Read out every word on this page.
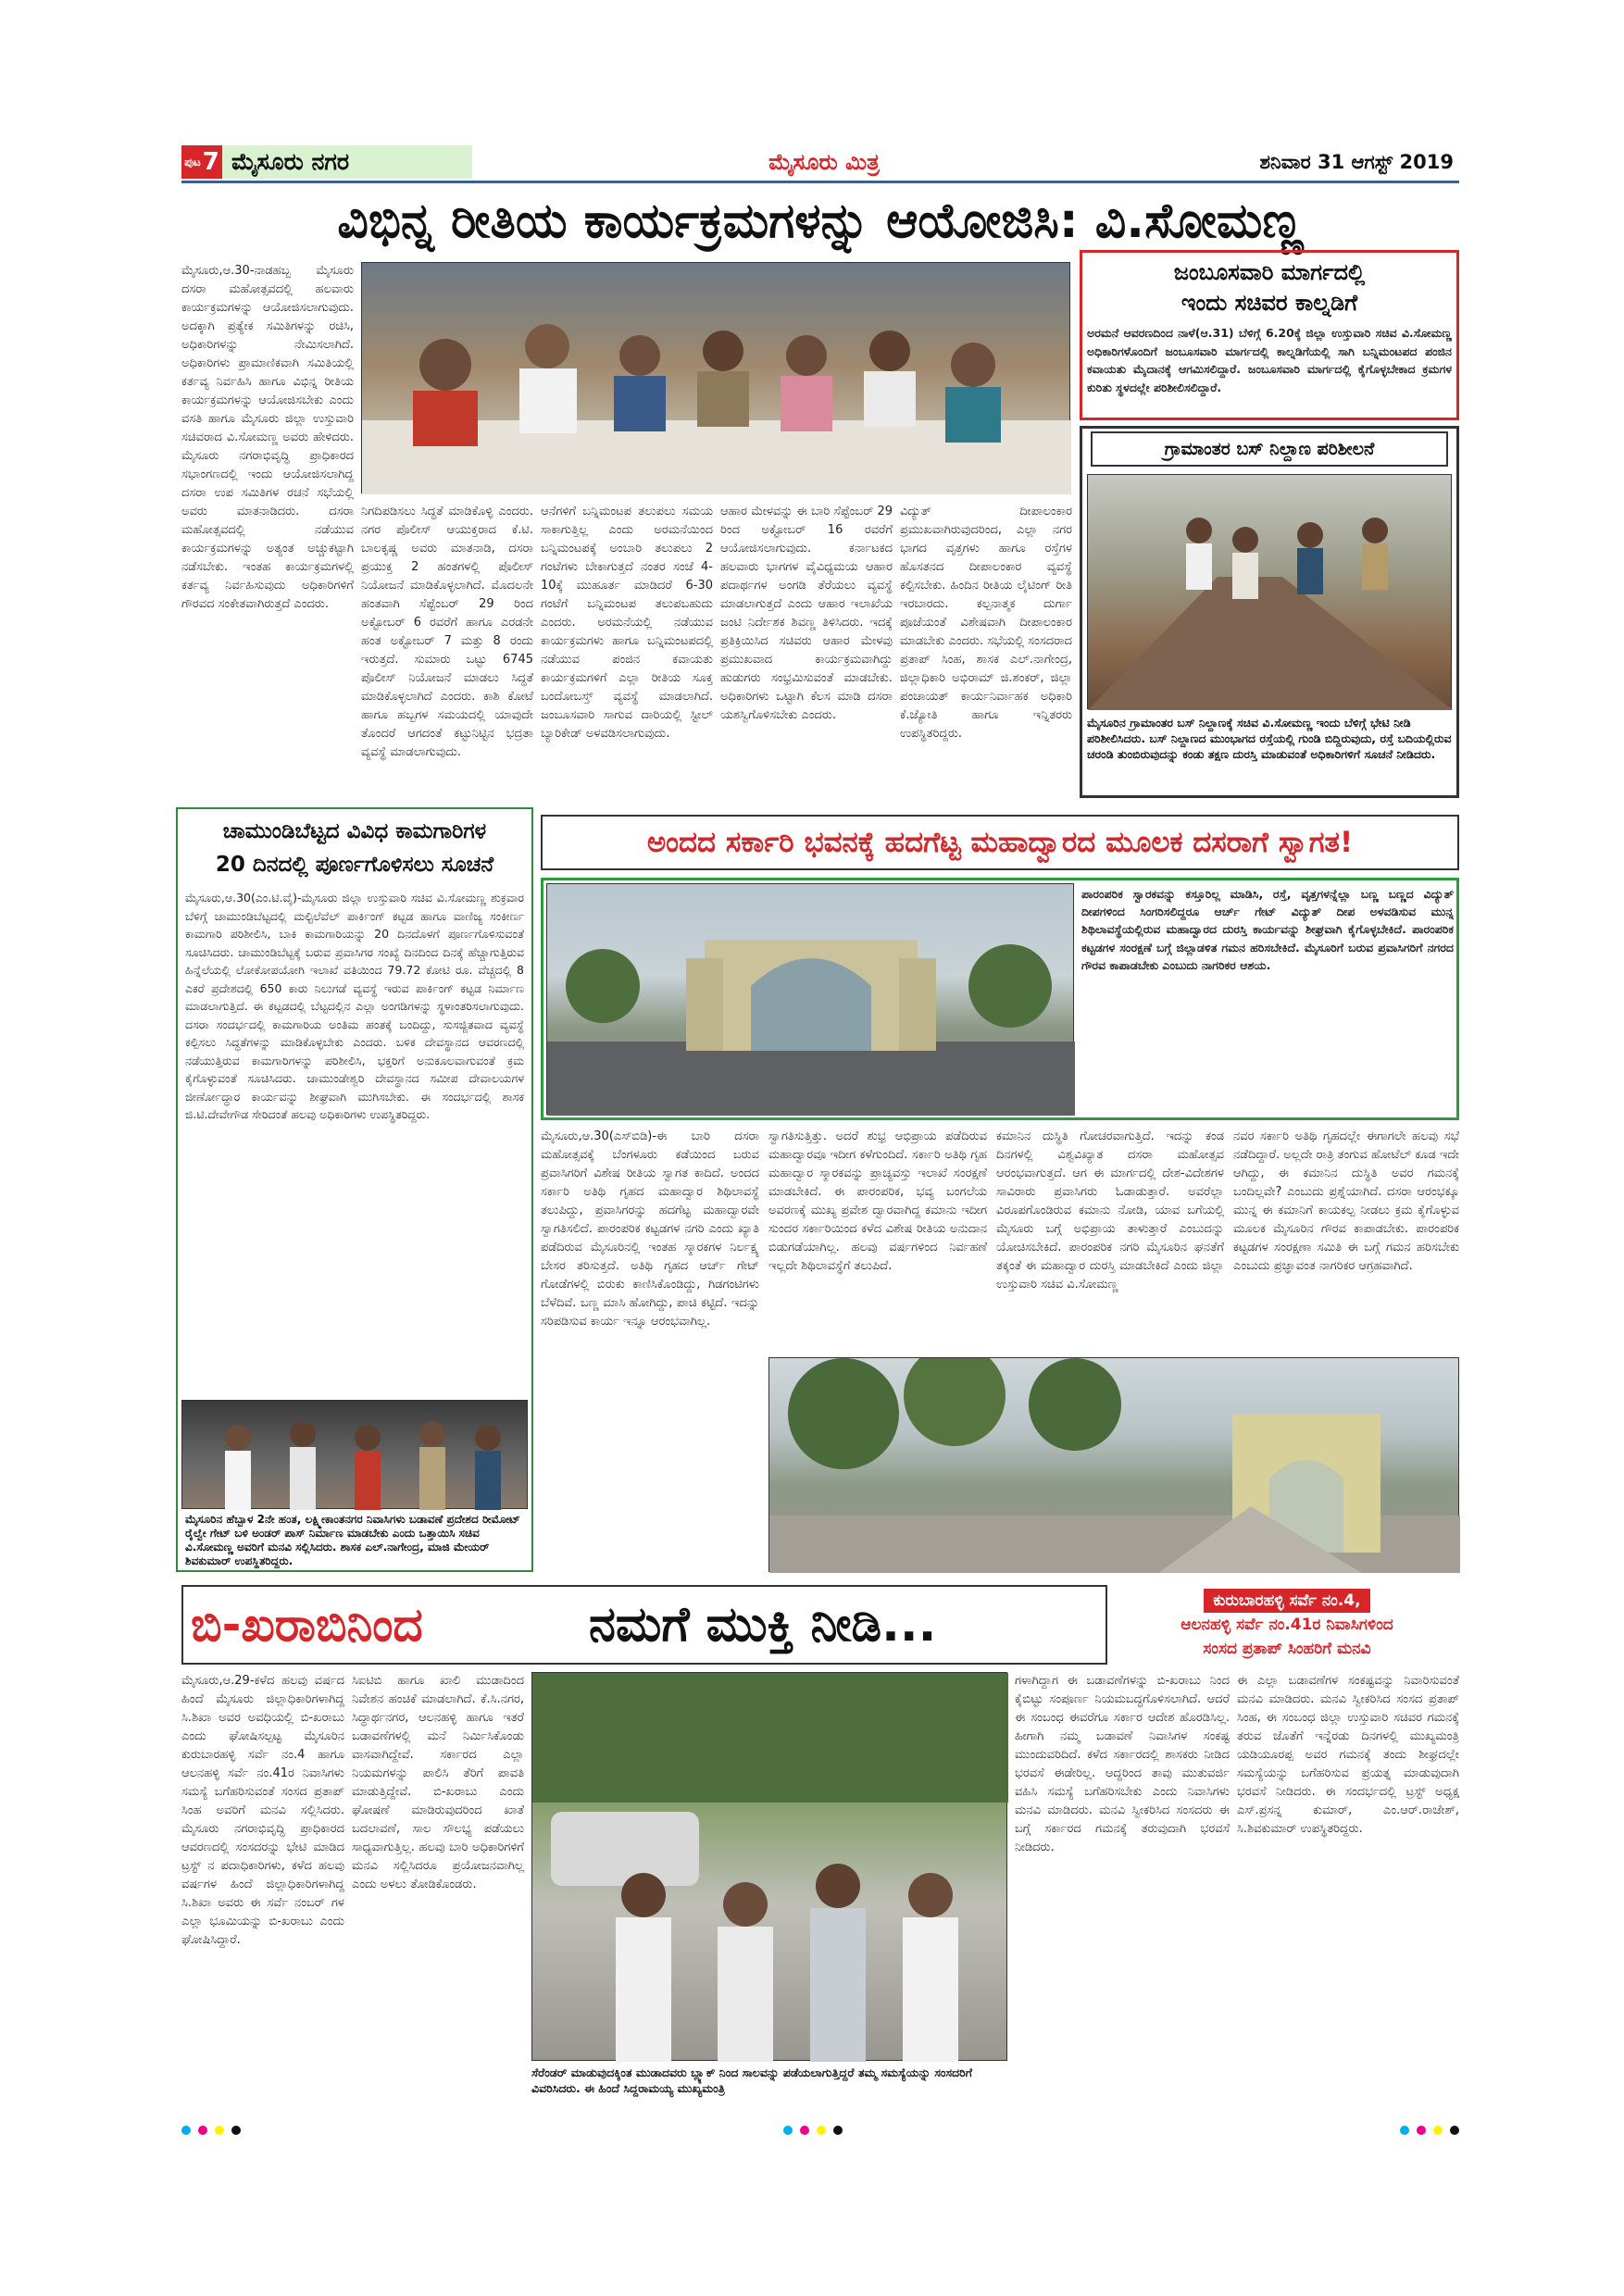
ಪುಟ 7 ಮೈಸೂರು ನಗರ	ಮೈಸೂರು ಮಿತ್ರ	ಶನಿವಾರ 31 ಆಗಸ್ಟ್ 2019
ವಿಭಿನ್ನ ರೀತಿಯ ಕಾರ್ಯಕ್ರಮಗಳನ್ನು ಆಯೋಜಿಸಿ: ವಿ.ಸೋಮಣ್ಣ
ಮೈಸೂರು,ಆ.30-ನಾಡಹಬ್ಬ ಮೈಸೂರು ದಸರಾ ಮಹೋತ್ಸವದಲ್ಲಿ ಹಲವಾರು ಕಾರ್ಯಕ್ರಮಗಳನ್ನು ಆಯೋಜಿಸಲಾಗುವುದು. ಅದಕ್ಕಾಗಿ ಪ್ರತ್ಯೇಕ ಸಮಿತಿಗಳನ್ನು ರಚಿಸಿ, ಅಧಿಕಾರಿಗಳನ್ನು ನೇಮಿಸಲಾಗಿದೆ. ಅಧಿಕಾರಿಗಳು ಪ್ರಾಮಾಣಿಕವಾಗಿ ಸಮಿತಿಯಲ್ಲಿ ಕರ್ತವ್ಯ ನಿರ್ವಹಿಸಿ ಹಾಗೂ ವಿಭಿನ್ನ ರೀತಿಯ ಕಾರ್ಯಕ್ರಮಗಳನ್ನು ಆಯೋಜಿಸಬೇಕು ಎಂದು ವಸತಿ ಹಾಗೂ ಮೈಸೂರು ಜಿಲ್ಲಾ ಉಸ್ತುವಾರಿ ಸಚಿವರಾದ ವಿ.ಸೋಮಣ್ಣ ಅವರು ಹೇಳಿದರು. ಮೈಸೂರು ನಗರಾಭಿವೃದ್ಧಿ ಪ್ರಾಧಿಕಾರದ ಸಭಾಂಗಣದಲ್ಲಿ ಇಂದು ಆಯೋಜಿಸಲಾಗಿದ್ದ ದಸರಾ ಉಪ ಸಮಿತಿಗಳ ರಚನೆ ಸಭೆಯಲ್ಲಿ ಅವರು ಮಾತನಾಡಿದರು. ದಸರಾ ಮಹೋತ್ಸವದಲ್ಲಿ ನಡೆಯುವ ಕಾರ್ಯಕ್ರಮಗಳನ್ನು ಅತ್ಯಂತ ಅಚ್ಚುಕಟ್ಟಾಗಿ ನಡೆಸಬೇಕು. ಇಂತಹ ಕಾರ್ಯಕ್ರಮಗಳಲ್ಲಿ ಕರ್ತವ್ಯ ನಿರ್ವಹಿಸುವುದು ಅಧಿಕಾರಿಗಳಿಗೆ ಗೌರವದ ಸಂಕೇತವಾಗಿರುತ್ತದೆ ಎಂದರು.
ನಿಗದಿಪಡಿಸಲು ಸಿದ್ಧತೆ ಮಾಡಿಕೊಳ್ಳಿ ಎಂದರು. ನಗರ ಪೊಲೀಸ್ ಆಯುಕ್ತರಾದ ಕೆ.ಟಿ. ಬಾಲಕೃಷ್ಣ ಅವರು ಮಾತನಾಡಿ, ದಸರಾ ಪ್ರಯುಕ್ತ 2 ಹಂತಗಳಲ್ಲಿ ಪೊಲೀಸ್ ನಿಯೋಜನೆ ಮಾಡಿಕೊಳ್ಳಲಾಗಿದೆ. ಮೊದಲನೇ ಹಂತವಾಗಿ ಸೆಪ್ಟೆಂಬರ್ 29 ರಿಂದ ಅಕ್ಟೋಬರ್ 6 ರವರೆಗೆ ಹಾಗೂ ಎರಡನೇ ಹಂತ ಅಕ್ಟೋಬರ್ 7 ಮತ್ತು 8 ರಂದು ಇರುತ್ತದೆ. ಸುಮಾರು ಒಟ್ಟು 6745 ಪೊಲೀಸ್ ನಿಯೋಜನೆ ಮಾಡಲು ಸಿದ್ಧತೆ ಮಾಡಿಕೊಳ್ಳಲಾಗಿದೆ ಎಂದರು. ಕಾಶಿ ಕೋಟೆ ಹಾಗೂ ಹಬ್ಬಗಳ ಸಮಯದಲ್ಲಿ ಯಾವುದೇ ತೊಂದರೆ ಆಗದಂತೆ ಕಟ್ಟುನಿಟ್ಟಿನ ಭದ್ರತಾ ವ್ಯವಸ್ಥೆ ಮಾಡಲಾಗುವುದು.
ಆನೆಗಳಿಗೆ ಬನ್ನಿಮಂಟಪ ತಲುಪಲು ಸಮಯ ಸಾಕಾಗುತ್ತಿಲ್ಲ ಎಂದು ಅರಮನೆಯಿಂದ ಬನ್ನಿಮಂಟಪಕ್ಕೆ ಅಂಬಾರಿ ತಲುಪಲು 2 ಗಂಟೆಗಳು ಬೇಕಾಗುತ್ತದೆ ನಂತರ ಸಂಜೆ 4-10ಕ್ಕೆ ಮುಹೂರ್ತ ಮಾಡಿದರೆ 6-30 ಗಂಟೆಗೆ ಬನ್ನಿಮಂಟಪ ತಲುಪಬಹುದು ಎಂದರು. ಅರಮನೆಯಲ್ಲಿ ನಡೆಯುವ ಕಾರ್ಯಕ್ರಮಗಳು ಹಾಗೂ ಬನ್ನಿಮಂಟಪದಲ್ಲಿ ನಡೆಯುವ ಪಂಜಿನ ಕವಾಯತು ಕಾರ್ಯಕ್ರಮಗಳಿಗೆ ಎಲ್ಲಾ ರೀತಿಯ ಸೂಕ್ತ ಬಂದೋಬಸ್ತ್ ವ್ಯವಸ್ಥೆ ಮಾಡಲಾಗಿದೆ. ಜಂಬೂಸವಾರಿ ಸಾಗುವ ದಾರಿಯಲ್ಲಿ ಸ್ಟೀಲ್ ಬ್ಯಾರಿಕೇಡ್ ಅಳವಡಿಸಲಾಗುವುದು.
ಆಹಾರ ಮೇಳವನ್ನು ಈ ಬಾರಿ ಸೆಪ್ಟೆಂಬರ್ 29 ರಿಂದ ಅಕ್ಟೋಬರ್ 16 ರವರೆಗೆ ಆಯೋಜಿಸಲಾಗುವುದು. ಕರ್ನಾಟಕದ ಹಲವಾರು ಭಾಗಗಳ ವೈವಿಧ್ಯಮಯ ಆಹಾರ ಪದಾರ್ಥಗಳ ಅಂಗಡಿ ತೆರೆಯಲು ವ್ಯವಸ್ಥೆ ಮಾಡಲಾಗುತ್ತದೆ ಎಂದು ಆಹಾರ ಇಲಾಖೆಯ ಜಂಟಿ ನಿರ್ದೇಶಕ ಶಿವಣ್ಣ ತಿಳಿಸಿದರು. ಇದಕ್ಕೆ ಪ್ರತಿಕ್ರಿಯಿಸಿದ ಸಚಿವರು ಆಹಾರ ಮೇಳವು ಪ್ರಮುಖವಾದ ಕಾರ್ಯಕ್ರಮವಾಗಿದ್ದು ಹುಡುಗರು ಸಂಭ್ರಮಿಸುವಂತೆ ಮಾಡಬೇಕು. ಅಧಿಕಾರಿಗಳು ಒಟ್ಟಾಗಿ ಕೆಲಸ ಮಾಡಿ ದಸರಾ ಯಶಸ್ವಿಗೊಳಿಸಬೇಕು ಎಂದರು.
ವಿದ್ಯುತ್ ದೀಪಾಲಂಕಾರ ಪ್ರಮುಖವಾಗಿರುವುದರಿಂದ, ಎಲ್ಲಾ ನಗರ ಭಾಗದ ವೃತ್ತಗಳು ಹಾಗೂ ರಸ್ತೆಗಳ ಹೊಸತನದ ದೀಪಾಲಂಕಾರ ವ್ಯವಸ್ಥೆ ಕಲ್ಪಿಸಬೇಕು. ಹಿಂದಿನ ರೀತಿಯ ಲೈಟಿಂಗ್ ರೀತಿ ಇರಬಾರದು. ಕಲ್ಪನಾತ್ಮಕ ದುರ್ಗಾ ಪೂಜೆಯಂತೆ ವಿಶೇಷವಾಗಿ ದೀಪಾಲಂಕಾರ ಮಾಡಬೇಕು ಎಂದರು. ಸಭೆಯಲ್ಲಿ ಸಂಸದರಾದ ಪ್ರತಾಪ್ ಸಿಂಹ, ಶಾಸಕ ಎಲ್.ನಾಗೇಂದ್ರ, ಜಿಲ್ಲಾಧಿಕಾರಿ ಅಭಿರಾಮ್ ಜಿ.ಶಂಕರ್, ಜಿಲ್ಲಾ ಪಂಚಾಯತ್ ಕಾರ್ಯನಿರ್ವಾಹಕ ಅಧಿಕಾರಿ ಕೆ.ಜ್ಯೋತಿ ಹಾಗೂ ಇನ್ನಿತರರು ಉಪಸ್ಥಿತರಿದ್ದರು.
ಜಂಬೂಸವಾರಿ ಮಾರ್ಗದಲ್ಲಿ
ಇಂದು ಸಚಿವರ ಕಾಲ್ನಡಿಗೆ
ಅರಮನೆ ಆವರಣದಿಂದ ನಾಳೆ(ಆ.31) ಬೆಳಿಗ್ಗೆ 6.20ಕ್ಕೆ ಜಿಲ್ಲಾ ಉಸ್ತುವಾರಿ ಸಚಿವ ವಿ.ಸೋಮಣ್ಣ ಅಧಿಕಾರಿಗಳೊಂದಿಗೆ ಜಂಬೂಸವಾರಿ ಮಾರ್ಗದಲ್ಲಿ ಕಾಲ್ನಡಿಗೆಯಲ್ಲಿ ಸಾಗಿ ಬನ್ನಿಮಂಟಪದ ಪಂಜಿನ ಕವಾಯತು ಮೈದಾನಕ್ಕೆ ಆಗಮಿಸಲಿದ್ದಾರೆ. ಜಂಬೂಸವಾರಿ ಮಾರ್ಗದಲ್ಲಿ ಕೈಗೊಳ್ಳಬೇಕಾದ ಕ್ರಮಗಳ ಕುರಿತು ಸ್ಥಳದಲ್ಲೇ ಪರಿಶೀಲಿಸಲಿದ್ದಾರೆ.
ಗ್ರಾಮಾಂತರ ಬಸ್ ನಿಲ್ದಾಣ ಪರಿಶೀಲನೆ
ಮೈಸೂರಿನ ಗ್ರಾಮಾಂತರ ಬಸ್ ನಿಲ್ದಾಣಕ್ಕೆ ಸಚಿವ ವಿ.ಸೋಮಣ್ಣ ಇಂದು ಬೆಳಿಗ್ಗೆ ಭೇಟಿ ನೀಡಿ ಪರಿಶೀಲಿಸಿದರು. ಬಸ್ ನಿಲ್ದಾಣದ ಮುಂಭಾಗದ ರಸ್ತೆಯಲ್ಲಿ ಗುಂಡಿ ಬಿದ್ದಿರುವುದು, ರಸ್ತೆ ಬದಿಯಲ್ಲಿರುವ ಚರಂಡಿ ತುಂಬಿರುವುದನ್ನು ಕಂಡು ತಕ್ಷಣ ದುರಸ್ತಿ ಮಾಡುವಂತೆ ಅಧಿಕಾರಿಗಳಿಗೆ ಸೂಚನೆ ನೀಡಿದರು.
ಚಾಮುಂಡಿಬೆಟ್ಟದ ವಿವಿಧ ಕಾಮಗಾರಿಗಳ
20 ದಿನದಲ್ಲಿ ಪೂರ್ಣಗೊಳಿಸಲು ಸೂಚನೆ
ಮೈಸೂರು,ಆ.30(ಎಂ.ಟಿ.ವೈ)-ಮೈಸೂರು ಜಿಲ್ಲಾ ಉಸ್ತುವಾರಿ ಸಚಿವ ವಿ.ಸೋಮಣ್ಣ ಶುಕ್ರವಾರ ಬೆಳಿಗ್ಗೆ ಚಾಮುಂಡಿಬೆಟ್ಟದಲ್ಲಿ ಮಲ್ಟಿಲೆವೆಲ್ ಪಾರ್ಕಿಂಗ್ ಕಟ್ಟಡ ಹಾಗೂ ವಾಣಿಜ್ಯ ಸಂಕೀರ್ಣ ಕಾಮಗಾರಿ ಪರಿಶೀಲಿಸಿ, ಬಾಕಿ ಕಾಮಗಾರಿಯನ್ನು 20 ದಿನದೊಳಗೆ ಪೂರ್ಣಗೊಳಿಸುವಂತೆ ಸೂಚಿಸಿದರು. ಚಾಮುಂಡಿಬೆಟ್ಟಕ್ಕೆ ಬರುವ ಪ್ರವಾಸಿಗರ ಸಂಖ್ಯೆ ದಿನದಿಂದ ದಿನಕ್ಕೆ ಹೆಚ್ಚಾಗುತ್ತಿರುವ ಹಿನ್ನೆಲೆಯಲ್ಲಿ ಲೋಕೋಪಯೋಗಿ ಇಲಾಖೆ ವತಿಯಿಂದ 79.72 ಕೋಟಿ ರೂ. ವೆಚ್ಚದಲ್ಲಿ 8 ಎಕರೆ ಪ್ರದೇಶದಲ್ಲಿ 650 ಕಾರು ನಿಲುಗಡೆ ವ್ಯವಸ್ಥೆ ಇರುವ ಪಾರ್ಕಿಂಗ್ ಕಟ್ಟಡ ನಿರ್ಮಾಣ ಮಾಡಲಾಗುತ್ತಿದೆ. ಈ ಕಟ್ಟಡದಲ್ಲಿ ಬೆಟ್ಟದಲ್ಲಿನ ಎಲ್ಲಾ ಅಂಗಡಿಗಳನ್ನು ಸ್ಥಳಾಂತರಿಸಲಾಗುವುದು. ದಸರಾ ಸಂದರ್ಭದಲ್ಲಿ ಕಾಮಗಾರಿಯ ಅಂತಿಮ ಹಂತಕ್ಕೆ ಬಂದಿದ್ದು, ಸುಸಜ್ಜಿತವಾದ ವ್ಯವಸ್ಥೆ ಕಲ್ಪಿಸಲು ಸಿದ್ಧತೆಗಳನ್ನು ಮಾಡಿಕೊಳ್ಳಬೇಕು ಎಂದರು. ಬಳಿಕ ದೇವಸ್ಥಾನದ ಆವರಣದಲ್ಲಿ ನಡೆಯುತ್ತಿರುವ ಕಾಮಗಾರಿಗಳನ್ನು ಪರಿಶೀಲಿಸಿ, ಭಕ್ತರಿಗೆ ಅನುಕೂಲವಾಗುವಂತೆ ಕ್ರಮ ಕೈಗೊಳ್ಳುವಂತೆ ಸೂಚಿಸಿದರು. ಚಾಮುಂಡೇಶ್ವರಿ ದೇವಸ್ಥಾನದ ಸಮೀಪ ದೇವಾಲಯಗಳ ಜೀರ್ಣೋದ್ಧಾರ ಕಾರ್ಯವನ್ನು ಶೀಘ್ರವಾಗಿ ಮುಗಿಸಬೇಕು. ಈ ಸಂದರ್ಭದಲ್ಲಿ ಶಾಸಕ ಜಿ.ಟಿ.ದೇವೇಗೌಡ ಸೇರಿದಂತೆ ಹಲವು ಅಧಿಕಾರಿಗಳು ಉಪಸ್ಥಿತರಿದ್ದರು.
ಮೈಸೂರಿನ ಹೆಬ್ಬಾಳ 2ನೇ ಹಂತ, ಲಕ್ಷ್ಮೀಕಾಂತನಗರ ನಿವಾಸಿಗಳು ಬಡಾವಣೆ ಪ್ರದೇಶದ ರೀಮೋಟ್ ರೈಲ್ವೇ ಗೇಟ್ ಬಳಿ ಅಂಡರ್ ಪಾಸ್ ನಿರ್ಮಾಣ ಮಾಡಬೇಕು ಎಂದು ಒತ್ತಾಯಿಸಿ ಸಚಿವ ವಿ.ಸೋಮಣ್ಣ ಅವರಿಗೆ ಮನವಿ ಸಲ್ಲಿಸಿದರು. ಶಾಸಕ ಎಲ್.ನಾಗೇಂದ್ರ, ಮಾಜಿ ಮೇಯರ್ ಶಿವಕುಮಾರ್ ಉಪಸ್ಥಿತರಿದ್ದರು.
ಅಂದದ ಸರ್ಕಾರಿ ಭವನಕ್ಕೆ ಹದಗೆಟ್ಟ ಮಹಾದ್ವಾರದ ಮೂಲಕ ದಸರಾಗೆ ಸ್ವಾಗತ!
ಪಾರಂಪರಿಕ ಸ್ವಾರಕವನ್ನು ಕಸ್ತೂರಿಲ್ಲ ಮಾಡಿಸಿ, ರಸ್ತೆ, ವೃತ್ತಗಳನ್ನೆಲ್ಲಾ ಬಣ್ಣ ಬಣ್ಣದ ವಿದ್ಯುತ್ ದೀಪಗಳಿಂದ ಸಿಂಗರಿಸಲಿದ್ದರೂ ಆರ್ಚ್ ಗೇಟ್ ವಿದ್ಯುತ್ ದೀಪ ಅಳವಡಿಸುವ ಮುನ್ನ ಶಿಥಿಲಾವಸ್ಥೆಯಲ್ಲಿರುವ ಮಹಾದ್ವಾರದ ದುರಸ್ತಿ ಕಾರ್ಯವನ್ನು ಶೀಘ್ರವಾಗಿ ಕೈಗೊಳ್ಳಬೇಕಿದೆ. ಪಾರಂಪರಿಕ ಕಟ್ಟಡಗಳ ಸಂರಕ್ಷಣೆ ಬಗ್ಗೆ ಜಿಲ್ಲಾಡಳಿತ ಗಮನ ಹರಿಸಬೇಕಿದೆ. ಮೈಸೂರಿಗೆ ಬರುವ ಪ್ರವಾಸಿಗರಿಗೆ ನಗರದ ಗೌರವ ಕಾಪಾಡಬೇಕು ಎಂಬುದು ನಾಗರಿಕರ ಆಶಯ.
ಮೈಸೂರು,ಆ.30(ಎಸ್‌ಬಿಡಿ)-ಈ ಬಾರಿ ದಸರಾ ಮಹೋತ್ಸವಕ್ಕೆ ಬೆಂಗಳೂರು ಕಡೆಯಿಂದ ಬರುವ ಪ್ರವಾಸಿಗರಿಗೆ ವಿಶೇಷ ರೀತಿಯ ಸ್ವಾಗತ ಕಾದಿದೆ. ಅಂದದ ಸರ್ಕಾರಿ ಅತಿಥಿ ಗೃಹದ ಮಹಾದ್ವಾರ ಶಿಥಿಲಾವಸ್ಥೆ ತಲುಪಿದ್ದು, ಪ್ರವಾಸಿಗರನ್ನು ಹದಗೆಟ್ಟ ಮಹಾದ್ವಾರವೇ ಸ್ವಾಗತಿಸಲಿದೆ. ಪಾರಂಪರಿಕ ಕಟ್ಟಡಗಳ ನಗರಿ ಎಂದು ಖ್ಯಾತಿ ಪಡೆದಿರುವ ಮೈಸೂರಿನಲ್ಲಿ ಇಂತಹ ಸ್ಮಾರಕಗಳ ನಿರ್ಲಕ್ಷ್ಯ ಬೇಸರ ತರಿಸುತ್ತದೆ. ಅತಿಥಿ ಗೃಹದ ಆರ್ಚ್ ಗೇಟ್ ಗೋಡೆಗಳಲ್ಲಿ ಬಿರುಕು ಕಾಣಿಸಿಕೊಂಡಿದ್ದು, ಗಿಡಗಂಟಿಗಳು ಬೆಳೆದಿವೆ. ಬಣ್ಣ ಮಾಸಿ ಹೋಗಿದ್ದು, ಪಾಚಿ ಕಟ್ಟಿದೆ. ಇದನ್ನು ಸರಿಪಡಿಸುವ ಕಾರ್ಯ ಇನ್ನೂ ಆರಂಭವಾಗಿಲ್ಲ.
ಸ್ವಾಗತಿಸುತ್ತಿತ್ತು. ಅದರೆ ಶುಭ್ರ ಆಭಿಪ್ರಾಯ ಪಡೆದಿರುವ ಮಹಾದ್ವಾರವೂ ಇದೀಗ ಕಳೆಗುಂದಿದೆ. ಸರ್ಕಾರಿ ಅತಿಥಿ ಗೃಹ ಮಹಾದ್ವಾರ ಸ್ಮಾರಕವನ್ನು ಪ್ರಾಚ್ಯವಸ್ತು ಇಲಾಖೆ ಸಂರಕ್ಷಣೆ ಮಾಡಬೇಕಿದೆ. ಈ ಪಾರಂಪರಿಕ, ಭವ್ಯ ಬಂಗಲೆಯ ಅವರಣಕ್ಕೆ ಮುಖ್ಯ ಪ್ರವೇಶ ದ್ವಾರವಾಗಿದ್ದ ಕಮಾನು ಇದೀಗ ಸುಂದರ ಸರ್ಕಾರಿಯಿಂದ ಕಳೆದ ವಿಶೇಷ ರೀತಿಯ ಅನುದಾನ ಬಿಡುಗಡೆಯಾಗಿಲ್ಲ. ಹಲವು ವರ್ಷಗಳಿಂದ ನಿರ್ವಹಣೆ ಇಲ್ಲದೇ ಶಿಥಿಲಾವಸ್ಥೆಗೆ ತಲುಪಿದೆ.
ಕಮಾನಿನ ದುಸ್ಥಿತಿ ಗೋಚರವಾಗುತ್ತಿದೆ. ಇದನ್ನು ಕಂಡ ದಿನಗಳಲ್ಲಿ ವಿಶ್ವವಿಖ್ಯಾತ ದಸರಾ ಮಹೋತ್ಸವ ಆರಂಭವಾಗುತ್ತದೆ. ಆಗ ಈ ಮಾರ್ಗದಲ್ಲಿ ದೇಶ-ವಿದೇಶಗಳ ಸಾವಿರಾರು ಪ್ರವಾಸಿಗರು ಓಡಾಡುತ್ತಾರೆ. ಅವರೆಲ್ಲಾ ವಿರೂಪಗೊಂಡಿರುವ ಕಮಾನು ನೋಡಿ, ಯಾವ ಬಗೆಯಲ್ಲಿ ಮೈಸೂರು ಬಗ್ಗೆ ಅಭಿಪ್ರಾಯ ತಾಳುತ್ತಾರೆ ಎಂಬುದನ್ನು ಯೋಚಿಸಬೇಕಿದೆ. ಪಾರಂಪರಿಕ ನಗರಿ ಮೈಸೂರಿನ ಘನತೆಗೆ ತಕ್ಕಂತೆ ಈ ಮಹಾದ್ವಾರ ದುರಸ್ತಿ ಮಾಡಬೇಕಿದೆ ಎಂದು ಜಿಲ್ಲಾ ಉಸ್ತುವಾರಿ ಸಚಿವ ವಿ.ಸೋಮಣ್ಣ
ನವರ ಸರ್ಕಾರಿ ಅತಿಥಿ ಗೃಹದಲ್ಲೇ ಈಗಾಗಲೇ ಹಲವು ಸಭೆ ನಡೆದಿದ್ದಾರೆ. ಅಲ್ಲದೇ ರಾತ್ರಿ ತಂಗುವ ಹೋಟೆಲ್ ಕೂಡ ಇದೇ ಆಗಿದ್ದು, ಈ ಕಮಾನಿನ ದುಸ್ಥಿತಿ ಅವರ ಗಮನಕ್ಕೆ ಬಂದಿಲ್ಲವೇ? ಎಂಬುದು ಪ್ರಶ್ನೆಯಾಗಿದೆ. ದಸರಾ ಆರಂಭಕ್ಕೂ ಮುನ್ನ ಈ ಕಮಾನಿಗೆ ಕಾಯಕಲ್ಪ ನೀಡಲು ಕ್ರಮ ಕೈಗೊಳ್ಳುವ ಮೂಲಕ ಮೈಸೂರಿನ ಗೌರವ ಕಾಪಾಡಬೇಕು. ಪಾರಂಪರಿಕ ಕಟ್ಟಡಗಳ ಸಂರಕ್ಷಣಾ ಸಮಿತಿ ಈ ಬಗ್ಗೆ ಗಮನ ಹರಿಸಬೇಕು ಎಂಬುದು ಪ್ರಜ್ಞಾವಂತ ನಾಗರಿಕರ ಆಗ್ರಹವಾಗಿದೆ.
ಬಿ-ಖರಾಬಿನಿಂದ	ನಮಗೆ ಮುಕ್ತಿ ನೀಡಿ...	ಕುರುಬಾರಹಳ್ಳಿ ಸರ್ವೆ ನಂ.4,
ಆಲನಹಳ್ಳಿ ಸರ್ವೆ ನಂ.41ರ ನಿವಾಸಿಗಳಿಂದ
ಸಂಸದ ಪ್ರತಾಪ್ ಸಿಂಹರಿಗೆ ಮನವಿ
ಮೈಸೂರು,ಆ.29-ಕಳೆದ ಹಲವು ವರ್ಷದ ಹಿಂದೆ ಮೈಸೂರು ಜಿಲ್ಲಾಧಿಕಾರಿಗಳಾಗಿದ್ದ ಸಿ.ಶಿಖಾ ಅವರ ಅವಧಿಯಲ್ಲಿ ಬಿ-ಖರಾಬು ಎಂದು ಘೋಷಿಸಲ್ಪಟ್ಟ ಮೈಸೂರಿನ ಕುರುಬಾರಹಳ್ಳಿ ಸರ್ವೆ ನಂ.4 ಹಾಗೂ ಆಲನಹಳ್ಳಿ ಸರ್ವೆ ನಂ.41ರ ನಿವಾಸಿಗಳು ಸಮಸ್ಯೆ ಬಗೆಹರಿಸುವಂತೆ ಸಂಸದ ಪ್ರತಾಪ್ ಸಿಂಹ ಅವರಿಗೆ ಮನವಿ ಸಲ್ಲಿಸಿದರು. ಮೈಸೂರು ನಗರಾಭಿವೃದ್ಧಿ ಪ್ರಾಧಿಕಾರದ ಆವರಣದಲ್ಲಿ ಸಂಸದರನ್ನು ಭೇಟಿ ಮಾಡಿದ ಟ್ರಸ್ಟ್ ನ ಪದಾಧಿಕಾರಿಗಳು, ಕಳೆದ ಹಲವು ವರ್ಷಗಳ ಹಿಂದೆ ಜಿಲ್ಲಾಧಿಕಾರಿಗಳಾಗಿದ್ದ ಸಿ.ಶಿಖಾ ಅವರು ಈ ಸರ್ವೆ ನಂಬರ್ ಗಳ ಎಲ್ಲಾ ಭೂಮಿಯನ್ನು ಬಿ-ಖರಾಬು ಎಂದು ಘೋಷಿಸಿದ್ದಾರೆ.
ಸಿಐಟಿಬಿ ಹಾಗೂ ಖಾಲಿ ಮುಡಾದಿಂದ ನಿವೇಶನ ಹಂಚಿಕೆ ಮಾಡಲಾಗಿದೆ. ಕೆ.ಸಿ.ನಗರ, ಸಿದ್ಧಾರ್ಥನಗರ, ಆಲನಹಳ್ಳಿ ಹಾಗೂ ಇತರೆ ಬಡಾವಣೆಗಳಲ್ಲಿ ಮನೆ ನಿರ್ಮಿಸಿಕೊಂಡು ವಾಸವಾಗಿದ್ದೇವೆ. ಸರ್ಕಾರದ ಎಲ್ಲಾ ನಿಯಮಗಳನ್ನು ಪಾಲಿಸಿ ತೆರಿಗೆ ಪಾವತಿ ಮಾಡುತ್ತಿದ್ದೇವೆ. ಬಿ-ಖರಾಬು ಎಂದು ಘೋಷಣೆ ಮಾಡಿರುವುದರಿಂದ ಖಾತೆ ಬದಲಾವಣೆ, ಸಾಲ ಸೌಲಭ್ಯ ಪಡೆಯಲು ಸಾಧ್ಯವಾಗುತ್ತಿಲ್ಲ. ಹಲವು ಬಾರಿ ಅಧಿಕಾರಿಗಳಿಗೆ ಮನವಿ ಸಲ್ಲಿಸಿದರೂ ಪ್ರಯೋಜನವಾಗಿಲ್ಲ ಎಂದು ಅಳಲು ತೋಡಿಕೊಂಡರು.
ಸೆರೆಂಡರ್ ಮಾಡುವುದಕ್ಕಿಂತ ಮುಡಾದವರು ಬ್ಲ್ಯಾಕ್ ನಿಂದ ಸಾಲವನ್ನು ಪಡೆಯಲಾಗುತ್ತಿದ್ದರೆ ತಮ್ಮ ಸಮಸ್ಯೆಯನ್ನು ಸಂಸದರಿಗೆ ವಿವರಿಸಿದರು. ಈ ಹಿಂದೆ ಸಿದ್ದರಾಮಯ್ಯ ಮುಖ್ಯಮಂತ್ರಿ
ಗಳಾಗಿದ್ದಾಗ ಈ ಬಡಾವಣೆಗಳನ್ನು ಬಿ-ಖರಾಬು ನಿಂದ ಕೈಬಿಟ್ಟು ಸಂಪೂರ್ಣ ನಿಯಮಬದ್ಧಗೊಳಿಸಲಾಗಿದೆ. ಆದರೆ ಈ ಸಂಬಂಧ ಈವರೆಗೂ ಸರ್ಕಾರ ಆದೇಶ ಹೊರಡಿಸಿಲ್ಲ. ಹೀಗಾಗಿ ನಮ್ಮ ಬಡಾವಣೆ ನಿವಾಸಿಗಳ ಸಂಕಷ್ಟ ಮುಂದುವರಿದಿದೆ. ಕಳೆದ ಸರ್ಕಾರದಲ್ಲಿ ಶಾಸಕರು ನೀಡಿದ ಭರವಸೆ ಈಡೇರಿಲ್ಲ. ಆದ್ದರಿಂದ ತಾವು ಮುತುವರ್ಜಿ ವಹಿಸಿ ಸಮಸ್ಯೆ ಬಗೆಹರಿಸಬೇಕು ಎಂದು ನಿವಾಸಿಗಳು ಮನವಿ ಮಾಡಿದರು. ಮನವಿ ಸ್ವೀಕರಿಸಿದ ಸಂಸದರು ಈ ಬಗ್ಗೆ ಸರ್ಕಾರದ ಗಮನಕ್ಕೆ ತರುವುದಾಗಿ ಭರವಸೆ ನೀಡಿದರು.
ಈ ಎಲ್ಲಾ ಬಡಾವಣೆಗಳ ಸಂಕಷ್ಟವನ್ನು ನಿವಾರಿಸುವಂತೆ ಮನವಿ ಮಾಡಿದರು. ಮನವಿ ಸ್ವೀಕರಿಸಿದ ಸಂಸದ ಪ್ರತಾಪ್ ಸಿಂಹ, ಈ ಸಂಬಂಧ ಜಿಲ್ಲಾ ಉಸ್ತುವಾರಿ ಸಚಿವರ ಗಮನಕ್ಕೆ ತರುವ ಜೊತೆಗೆ ಇನ್ನೆರಡು ದಿನಗಳಲ್ಲಿ ಮುಖ್ಯಮಂತ್ರಿ ಯಡಿಯೂರಪ್ಪ ಅವರ ಗಮನಕ್ಕೆ ತಂದು ಶೀಘ್ರದಲ್ಲೇ ಸಮಸ್ಯೆಯನ್ನು ಬಗೆಹರಿಸುವ ಪ್ರಯತ್ನ ಮಾಡುವುದಾಗಿ ಭರವಸೆ ನೀಡಿದರು. ಈ ಸಂದರ್ಭದಲ್ಲಿ ಟ್ರಸ್ಟ್ ಅಧ್ಯಕ್ಷ ಎಸ್.ಪ್ರಸನ್ನ ಕುಮಾರ್, ಎಂ.ಆರ್.ರಾಜೇಶ್, ಸಿ.ಶಿವಕುಮಾರ್ ಉಪಸ್ಥಿತರಿದ್ದರು.
